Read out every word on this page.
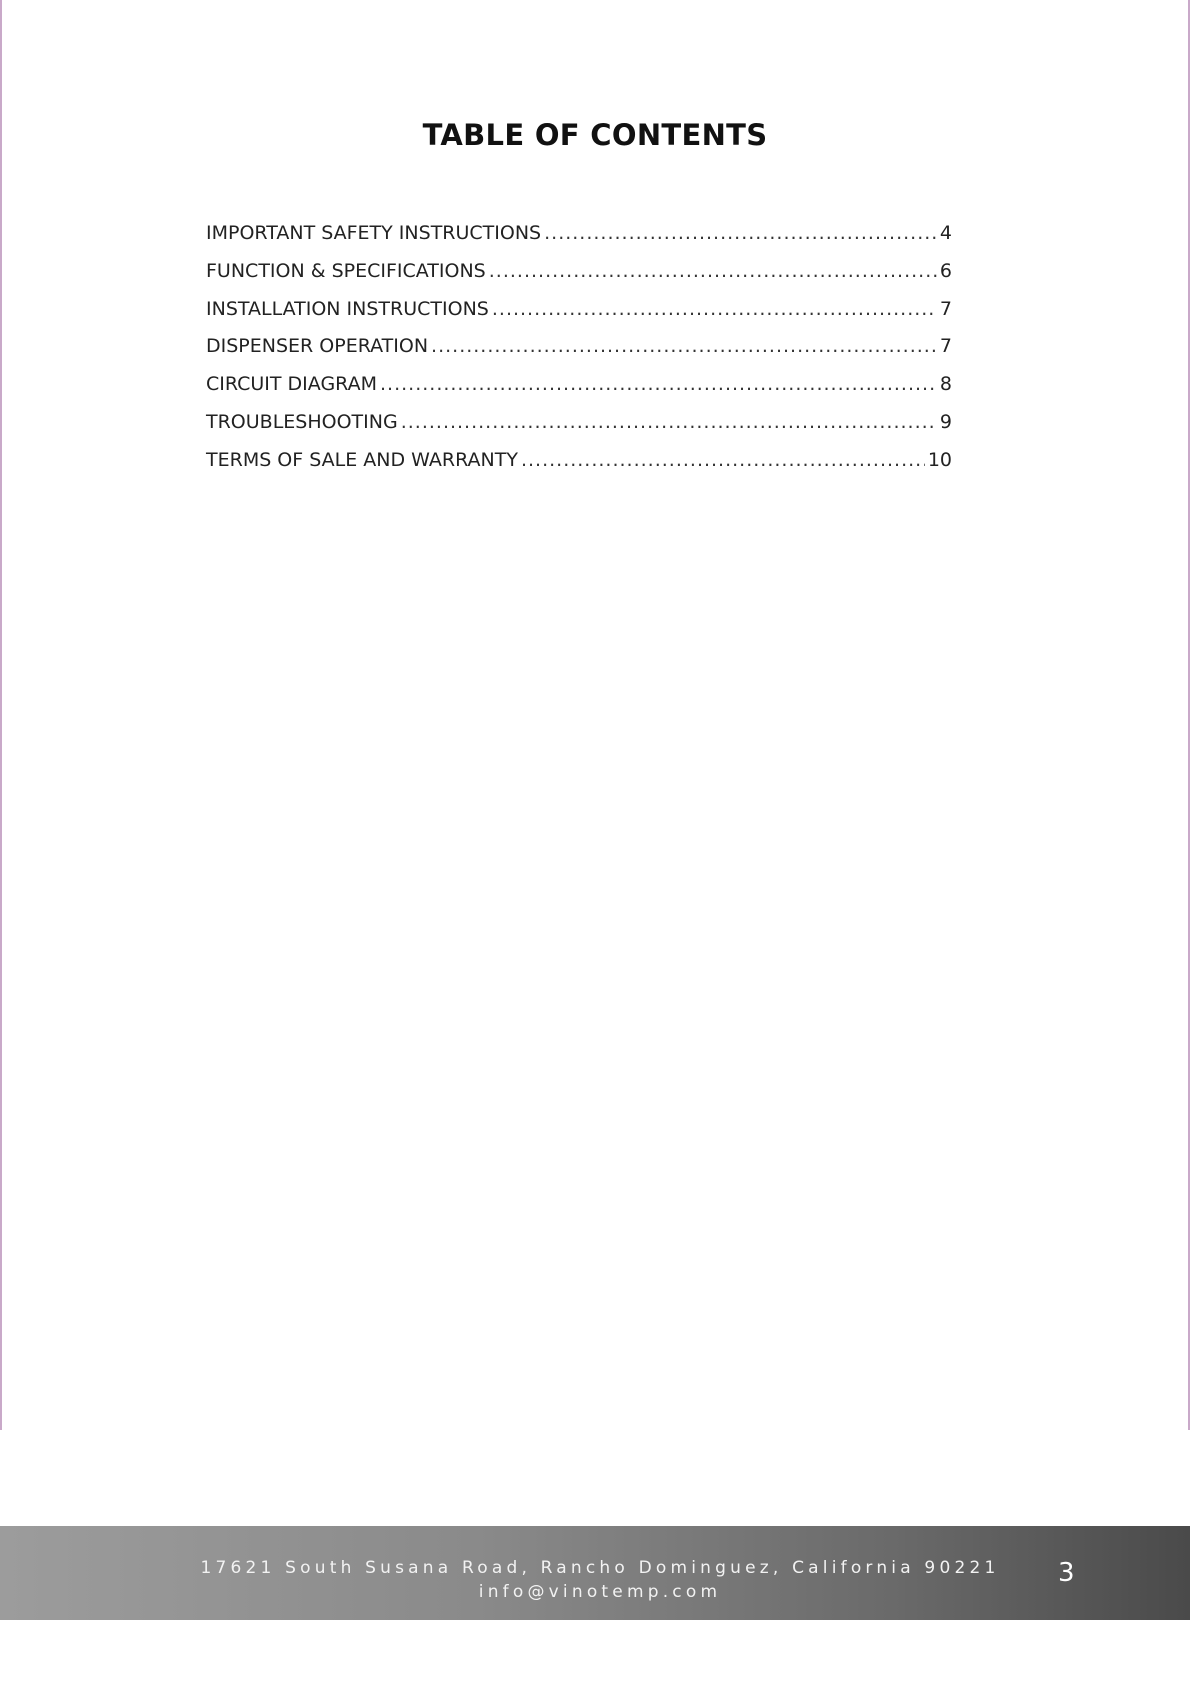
TABLE OF CONTENTS
IMPORTANT SAFETY INSTRUCTIONS .....	4
FUNCTION & SPECIFICATIONS .....	6
INSTALLATION INSTRUCTIONS .....	7
DISPENSER OPERATION .....	7
CIRCUIT DIAGRAM .....	8
TROUBLESHOOTING .....	9
TERMS OF SALE AND WARRANTY .....	10
17621 South Susana Road, Rancho Dominguez, California 90221
info@vinotemp.com
3
